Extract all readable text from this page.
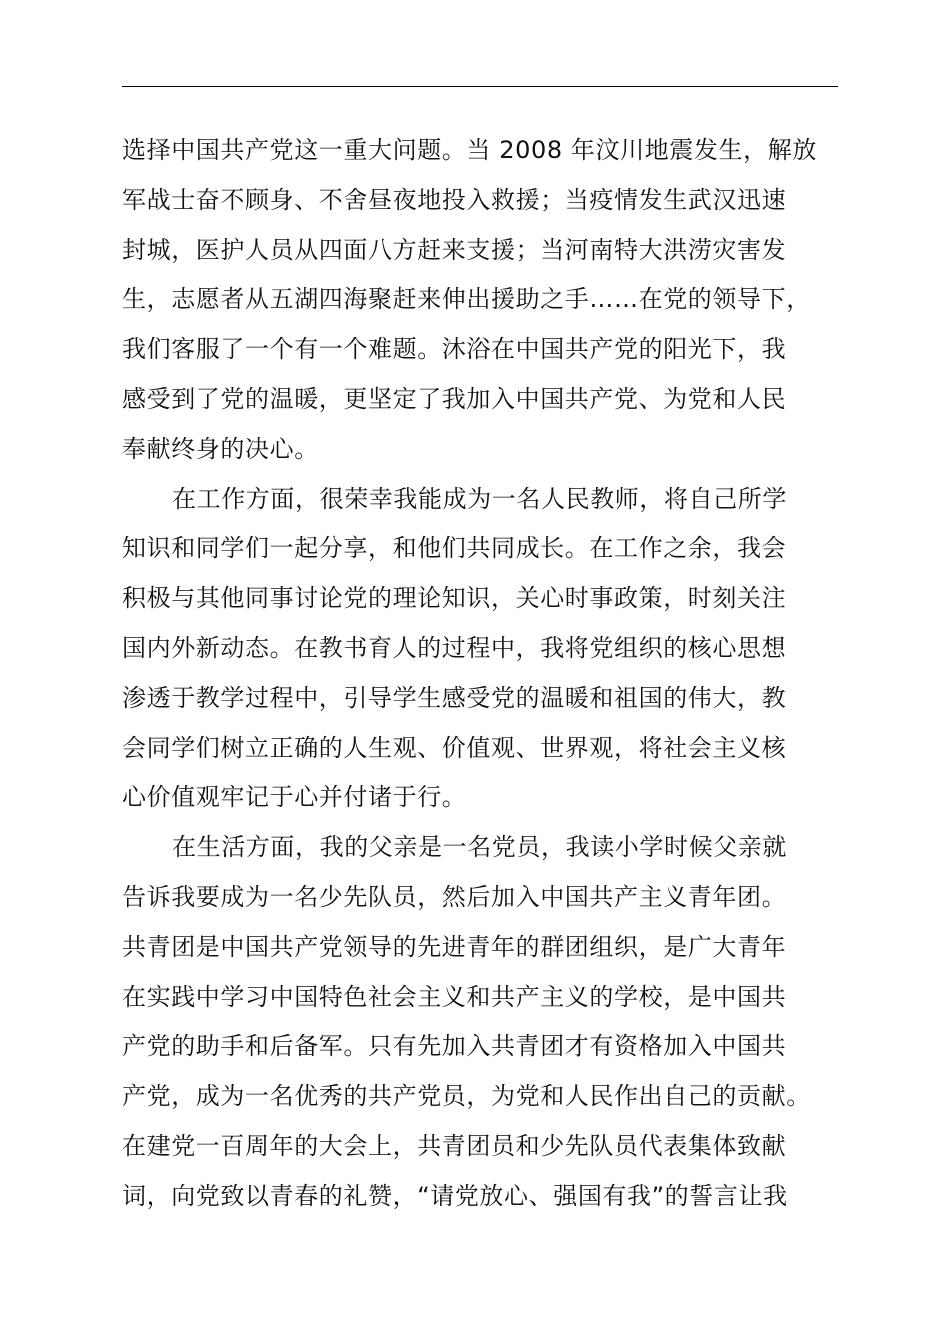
选择中国共产党这一重大问题。当 2008 年汶川地震发生，解放
军战士奋不顾身、不舍昼夜地投入救援；当疫情发生武汉迅速
封城，医护人员从四面八方赶来支援；当河南特大洪涝灾害发
生，志愿者从五湖四海聚赶来伸出援助之手……在党的领导下，
我们客服了一个有一个难题。沐浴在中国共产党的阳光下，我
感受到了党的温暖，更坚定了我加入中国共产党、为党和人民
奉献终身的决心。
在工作方面，很荣幸我能成为一名人民教师，将自己所学
知识和同学们一起分享，和他们共同成长。在工作之余，我会
积极与其他同事讨论党的理论知识，关心时事政策，时刻关注
国内外新动态。在教书育人的过程中，我将党组织的核心思想
渗透于教学过程中，引导学生感受党的温暖和祖国的伟大，教
会同学们树立正确的人生观、价值观、世界观，将社会主义核
心价值观牢记于心并付诸于行。
在生活方面，我的父亲是一名党员，我读小学时候父亲就
告诉我要成为一名少先队员，然后加入中国共产主义青年团。
共青团是中国共产党领导的先进青年的群团组织，是广大青年
在实践中学习中国特色社会主义和共产主义的学校，是中国共
产党的助手和后备军。只有先加入共青团才有资格加入中国共
产党，成为一名优秀的共产党员，为党和人民作出自己的贡献。
在建党一百周年的大会上，共青团员和少先队员代表集体致献
词，向党致以青春的礼赞，“请党放心、强国有我”的誓言让我
